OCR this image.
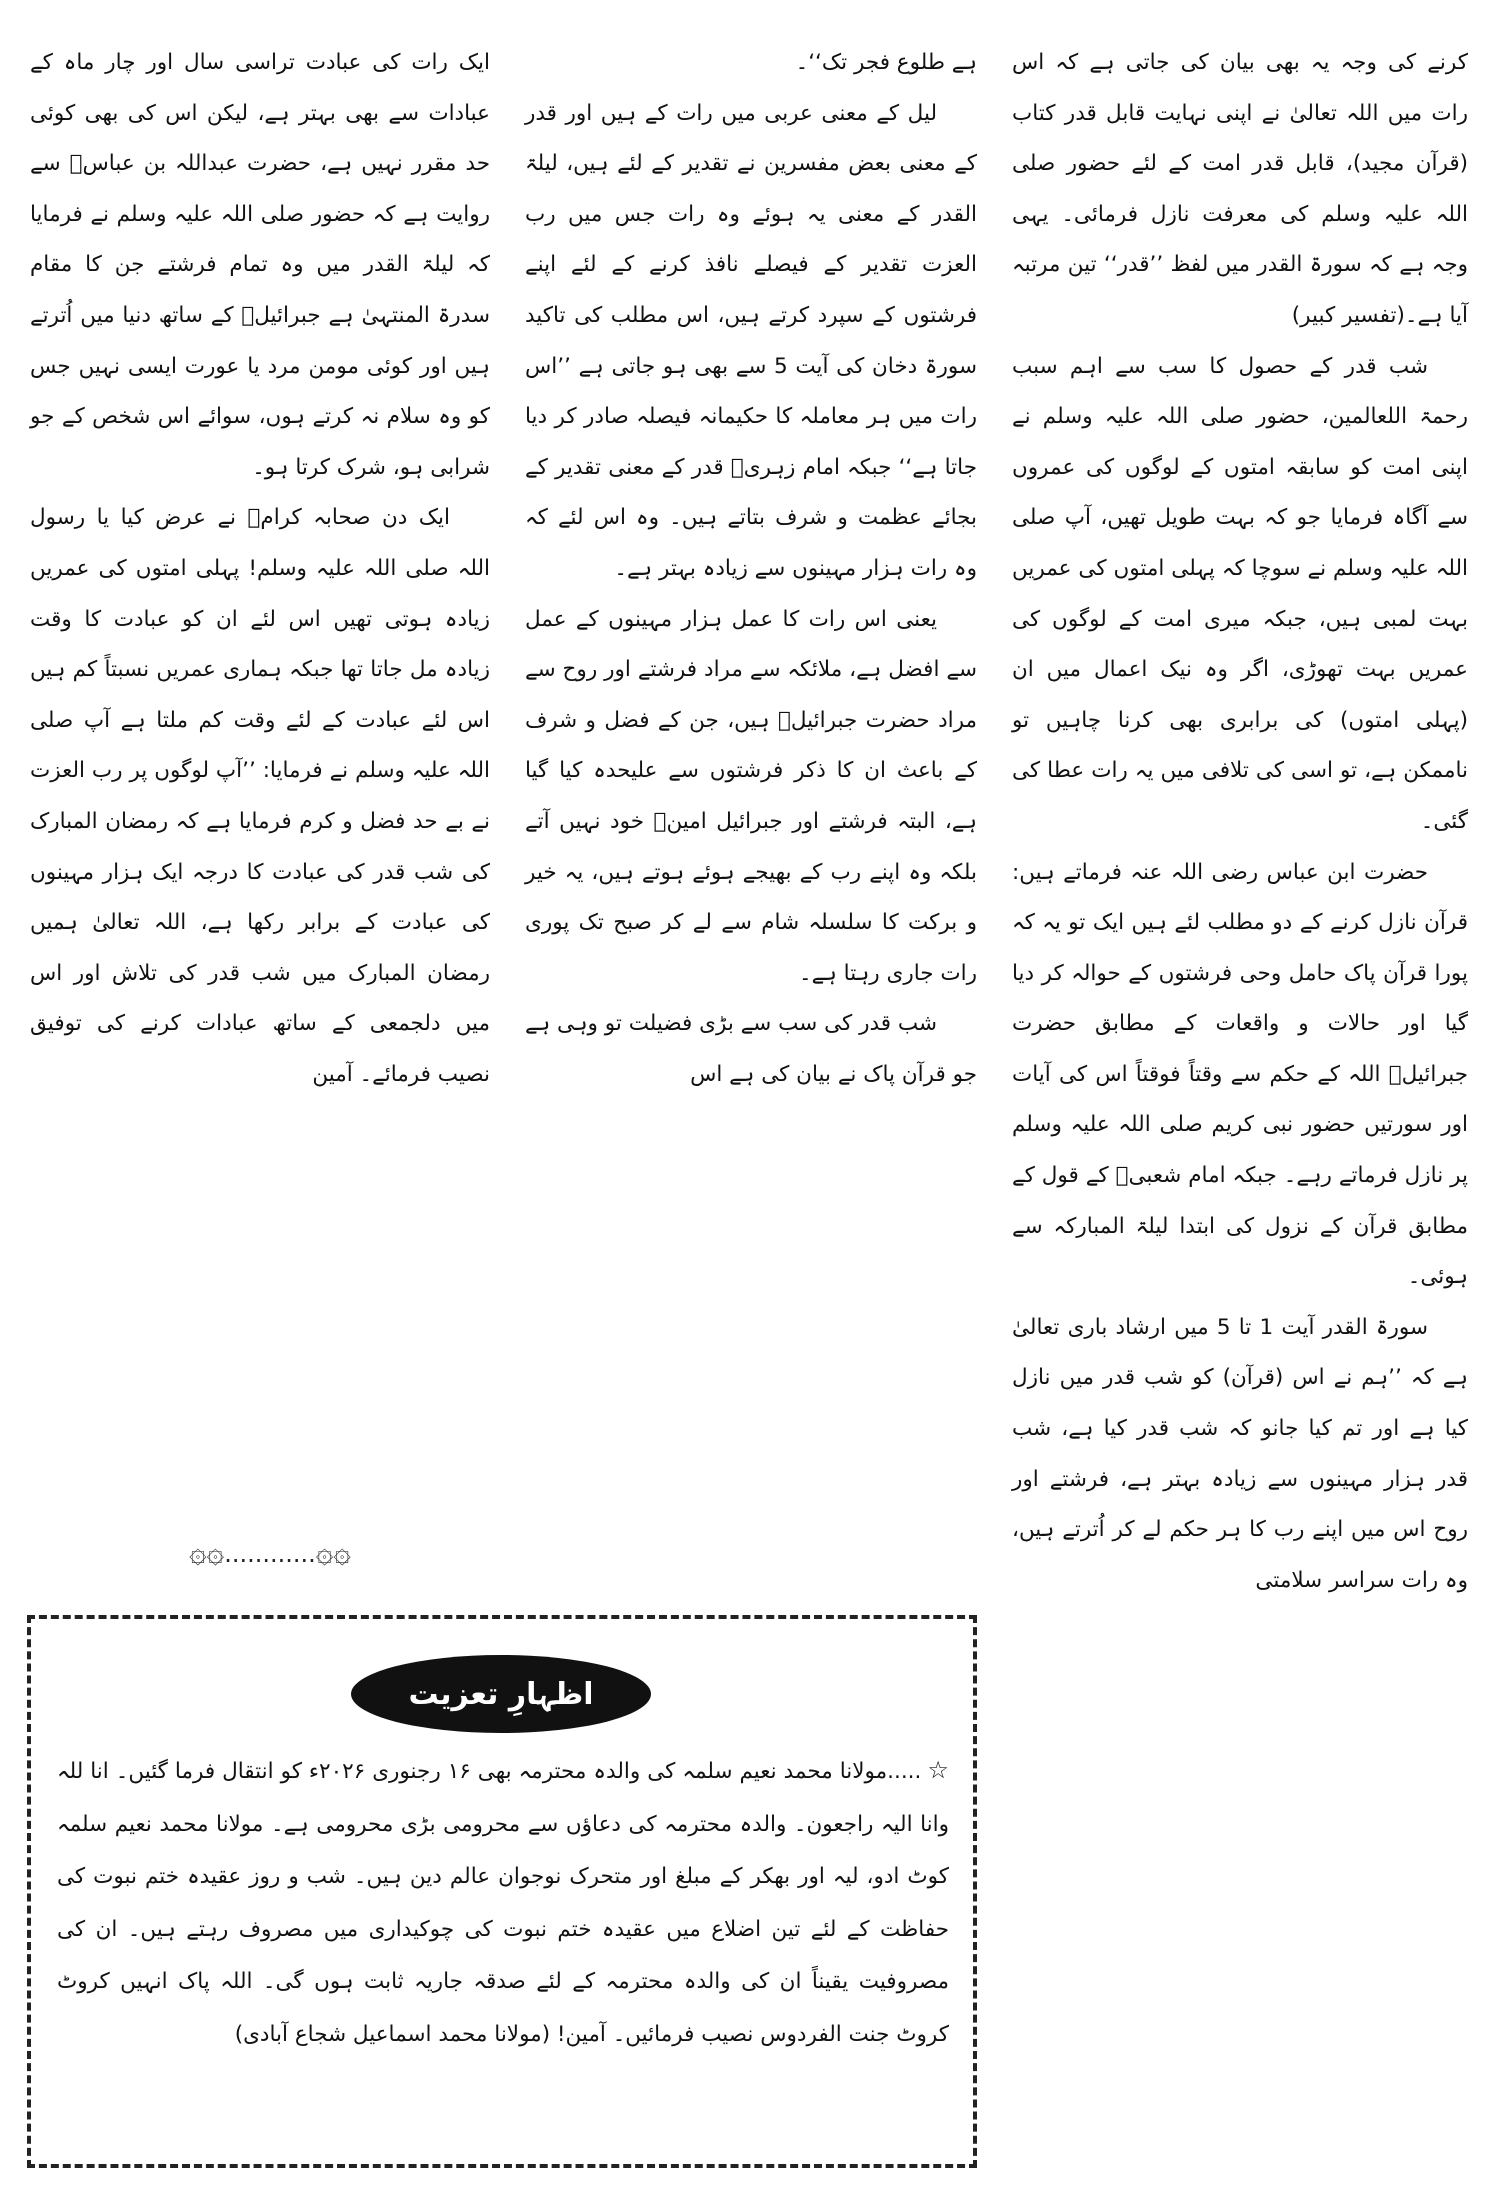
کرنے کی وجہ یہ بھی بیان کی جاتی ہے کہ اس رات میں اللہ تعالیٰ نے اپنی نہایت قابل قدر کتاب (قرآن مجید)، قابل قدر امت کے لئے حضور صلی اللہ علیہ وسلم کی معرفت نازل فرمائی۔ یہی وجہ ہے کہ سورۃ القدر میں لفظ ’’قدر‘‘ تین مرتبہ آیا ہے۔(تفسیر کبیر)

شب قدر کے حصول کا سب سے اہم سبب رحمۃ اللعالمین، حضور صلی اللہ علیہ وسلم نے اپنی امت کو سابقہ امتوں کے لوگوں کی عمروں سے آگاہ فرمایا جو کہ بہت طویل تھیں، آپ صلی اللہ علیہ وسلم نے سوچا کہ پہلی امتوں کی عمریں بہت لمبی ہیں، جبکہ میری امت کے لوگوں کی عمریں بہت تھوڑی، اگر وہ نیک اعمال میں ان (پہلی امتوں) کی برابری بھی کرنا چاہیں تو ناممکن ہے، تو اسی کی تلافی میں یہ رات عطا کی گئی۔

حضرت ابن عباس رضی اللہ عنہ فرماتے ہیں: قرآن نازل کرنے کے دو مطلب لئے ہیں ایک تو یہ کہ پورا قرآن پاک حامل وحی فرشتوں کے حوالہ کر دیا گیا اور حالات و واقعات کے مطابق حضرت جبرائیلؑ اللہ کے حکم سے وقتاً فوقتاً اس کی آیات اور سورتیں حضور نبی کریم صلی اللہ علیہ وسلم پر نازل فرماتے رہے۔ جبکہ امام شعبیؒ کے قول کے مطابق قرآن کے نزول کی ابتدا لیلۃ المبارکہ سے ہوئی۔

سورۃ القدر آیت 1 تا 5 میں ارشاد باری تعالیٰ ہے کہ ’’ہم نے اس (قرآن) کو شب قدر میں نازل کیا ہے اور تم کیا جانو کہ شب قدر کیا ہے، شب قدر ہزار مہینوں سے زیادہ بہتر ہے، فرشتے اور روح اس میں اپنے رب کا ہر حکم لے کر اُترتے ہیں، وہ رات سراسر سلامتی

ہے طلوع فجر تک‘‘۔

لیل کے معنی عربی میں رات کے ہیں اور قدر کے معنی بعض مفسرین نے تقدیر کے لئے ہیں، لیلۃ القدر کے معنی یہ ہوئے وہ رات جس میں رب العزت تقدیر کے فیصلے نافذ کرنے کے لئے اپنے فرشتوں کے سپرد کرتے ہیں، اس مطلب کی تاکید سورۃ دخان کی آیت 5 سے بھی ہو جاتی ہے ’’اس رات میں ہر معاملہ کا حکیمانہ فیصلہ صادر کر دیا جاتا ہے‘‘ جبکہ امام زہریؒ قدر کے معنی تقدیر کے بجائے عظمت و شرف بتاتے ہیں۔ وہ اس لئے کہ وہ رات ہزار مہینوں سے زیادہ بہتر ہے۔

یعنی اس رات کا عمل ہزار مہینوں کے عمل سے افضل ہے، ملائکہ سے مراد فرشتے اور روح سے مراد حضرت جبرائیلؑ ہیں، جن کے فضل و شرف کے باعث ان کا ذکر فرشتوں سے علیحدہ کیا گیا ہے، البتہ فرشتے اور جبرائیل امینؑ خود نہیں آتے بلکہ وہ اپنے رب کے بھیجے ہوئے ہوتے ہیں، یہ خیر و برکت کا سلسلہ شام سے لے کر صبح تک پوری رات جاری رہتا ہے۔

شب قدر کی سب سے بڑی فضیلت تو وہی ہے جو قرآن پاک نے بیان کی ہے اس

ایک رات کی عبادت تراسی سال اور چار ماہ کے عبادات سے بھی بہتر ہے، لیکن اس کی بھی کوئی حد مقرر نہیں ہے، حضرت عبداللہ بن عباسؓ سے روایت ہے کہ حضور صلی اللہ علیہ وسلم نے فرمایا کہ لیلۃ القدر میں وہ تمام فرشتے جن کا مقام سدرۃ المنتہیٰ ہے جبرائیلؑ کے ساتھ دنیا میں اُترتے ہیں اور کوئی مومن مرد یا عورت ایسی نہیں جس کو وہ سلام نہ کرتے ہوں، سوائے اس شخص کے جو شرابی ہو، شرک کرتا ہو۔

ایک دن صحابہ کرامؓ نے عرض کیا یا رسول اللہ صلی اللہ علیہ وسلم! پہلی امتوں کی عمریں زیادہ ہوتی تھیں اس لئے ان کو عبادت کا وقت زیادہ مل جاتا تھا جبکہ ہماری عمریں نسبتاً کم ہیں اس لئے عبادت کے لئے وقت کم ملتا ہے آپ صلی اللہ علیہ وسلم نے فرمایا: ’’آپ لوگوں پر رب العزت نے بے حد فضل و کرم فرمایا ہے کہ رمضان المبارک کی شب قدر کی عبادت کا درجہ ایک ہزار مہینوں کی عبادت کے برابر رکھا ہے، اللہ تعالیٰ ہمیں رمضان المبارک میں شب قدر کی تلاش اور اس میں دلجمعی کے ساتھ عبادات کرنے کی توفیق نصیب فرمائے۔ آمین

۞۞............۞۞
اظہارِ تعزیت

☆.....مولانا محمد نعیم سلمہ کی والدہ محترمہ بھی ۱۶ رجنوری ۲۰۲۶ء کو انتقال فرما گئیں۔ انا للہ وانا الیہ راجعون۔ والدہ محترمہ کی دعاؤں سے محرومی بڑی محرومی ہے۔ مولانا محمد نعیم سلمہ کوٹ ادو، لیہ اور بھکر کے مبلغ اور متحرک نوجوان عالم دین ہیں۔ شب و روز عقیدہ ختم نبوت کی حفاظت کے لئے تین اضلاع میں عقیدہ ختم نبوت کی چوکیداری میں مصروف رہتے ہیں۔ ان کی مصروفیت یقیناً ان کی والدہ محترمہ کے لئے صدقہ جاریہ ثابت ہوں گی۔ اللہ پاک انہیں کروٹ کروٹ جنت الفردوس نصیب فرمائیں۔ آمین! (مولانا محمد اسماعیل شجاع آبادی)
